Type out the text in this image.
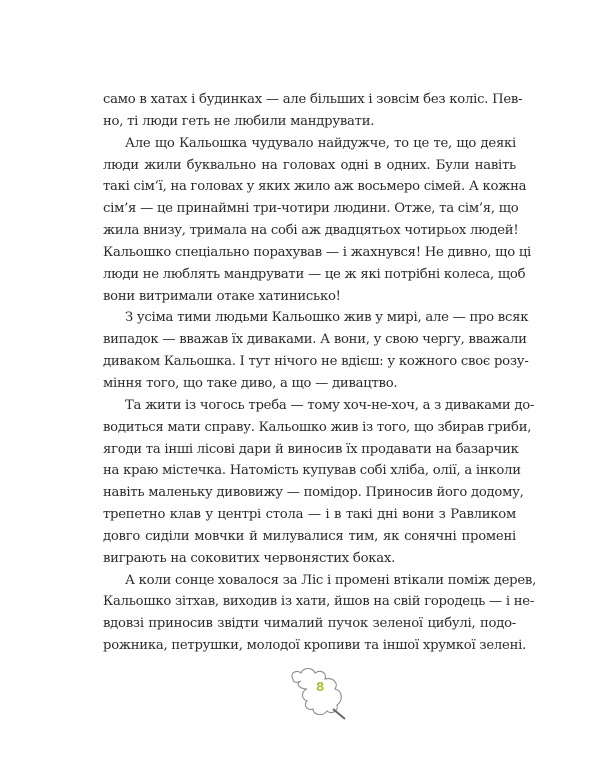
само в хатах і будинках — але більших і зовсім без коліс. Пев-
но, ті люди геть не любили мандрувати.
Але що Кальошка чудувало найдужче, то це те, що деякі
люди жили буквально на головах одні в одних. Були навіть
такі сім’ї, на головах у яких жило аж восьмеро сімей. А кожна
сім’я — це принаймні три-чотири людини. Отже, та сім’я, що
жила внизу, тримала на собі аж двадцятьох чотирьох людей!
Кальошко спеціально порахував — і жахнувся! Не дивно, що ці
люди не люблять мандрувати — це ж які потрібні колеса, щоб
вони витримали отаке хатинисько!
З усіма тими людьми Кальошко жив у мирі, але — про всяк
випадок — вважав їх диваками. А вони, у свою чергу, вважали
диваком Кальошка. І тут нічого не вдієш: у кожного своє розу-
міння того, що таке диво, а що — дивацтво.
Та жити із чогось треба — тому хоч-не-хоч, а з диваками до-
водиться мати справу. Кальошко жив із того, що збирав гриби,
ягоди та інші лісові дари й виносив їх продавати на базарчик
на краю містечка. Натомість купував собі хліба, олії, а інколи
навіть маленьку дивовижу — помідор. Приносив його додому,
трепетно клав у центрі стола — і в такі дні вони з Равликом
довго сиділи мовчки й милувалися тим, як сонячні промені
виграють на соковитих червонястих боках.
А коли сонце ховалося за Ліс і промені втікали поміж дерев,
Кальошко зітхав, виходив із хати, йшов на свій городець — і не-
вдовзі приносив звідти чималий пучок зеленої цибулі, подо-
рожника, петрушки, молодої кропиви та іншої хрумкої зелені.
8
